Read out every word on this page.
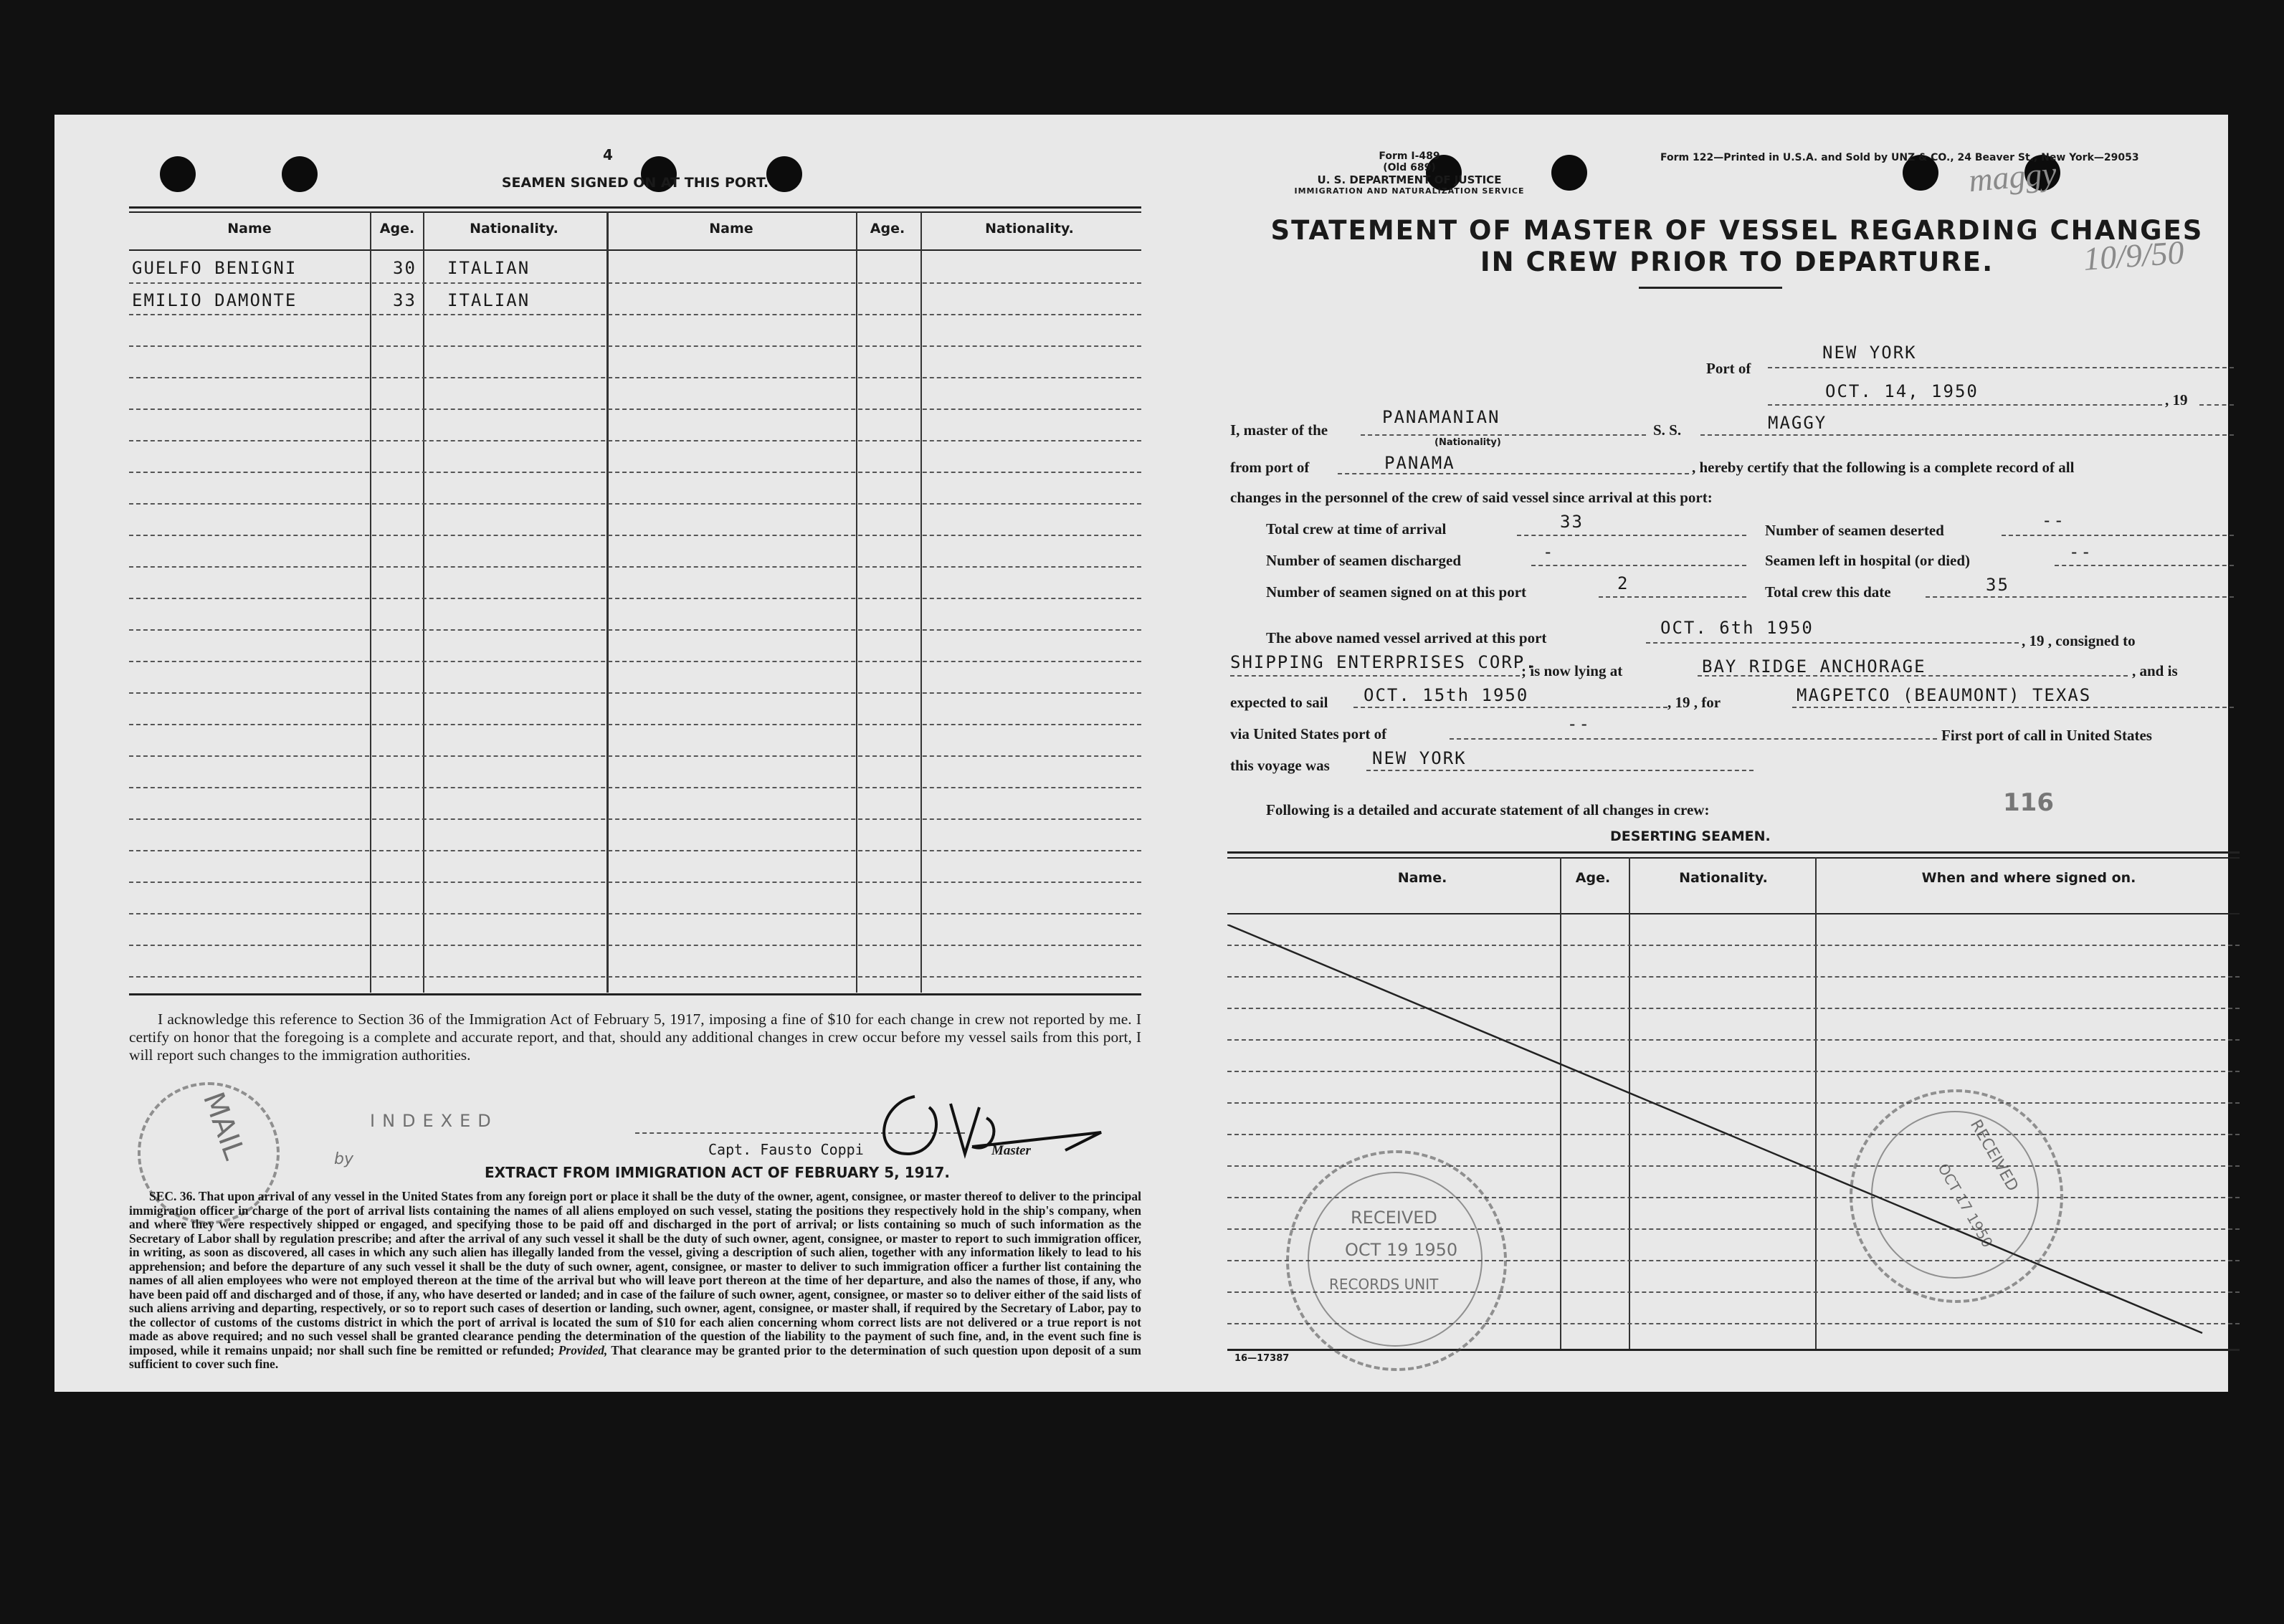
4
SEAMEN SIGNED ON AT THIS PORT.
Name	Age.	Nationality.	Name	Age.	Nationality.
GUELFO BENIGNI	30 ITALIAN
EMILIO DAMONTE	33 ITALIAN
I acknowledge this reference to Section 36 of the Immigration Act of February 5, 1917, imposing a fine of $10 for each change in crew not reported by me. I certify on honor that the foregoing is a complete and accurate report, and that, should any additional changes in crew occur before my vessel sails from this port, I will report such changes to the immigration authorities.
MAIL	INDEXED
by
Capt. Fausto Coppi	Master
EXTRACT FROM IMMIGRATION ACT OF FEBRUARY 5, 1917.
SEC. 36. That upon arrival of any vessel in the United States from any foreign port or place it shall be the duty of the owner, agent, consignee, or master thereof to deliver to the principal immigration officer in charge of the port of arrival lists containing the names of all aliens employed on such vessel, stating the positions they respectively hold in the ship's company, when and where they were respectively shipped or engaged, and specifying those to be paid off and discharged in the port of arrival; or lists containing so much of such information as the Secretary of Labor shall by regulation prescribe; and after the arrival of any such vessel it shall be the duty of such owner, agent, consignee, or master to report to such immigration officer, in writing, as soon as discovered, all cases in which any such alien has illegally landed from the vessel, giving a description of such alien, together with any information likely to lead to his apprehension; and before the departure of any such vessel it shall be the duty of such owner, agent, consignee, or master to deliver to such immigration officer a further list containing the names of all alien employees who were not employed thereon at the time of the arrival but who will leave port thereon at the time of her departure, and also the names of those, if any, who have been paid off and discharged and of those, if any, who have deserted or landed; and in case of the failure of such owner, agent, consignee, or master so to deliver either of the said lists of such aliens arriving and departing, respectively, or so to report such cases of desertion or landing, such owner, agent, consignee, or master shall, if required by the Secretary of Labor, pay to the collector of customs of the customs district in which the port of arrival is located the sum of $10 for each alien concerning whom correct lists are not delivered or a true report is not made as above required; and no such vessel shall be granted clearance pending the determination of the question of the liability to the payment of such fine, and, in the event such fine is imposed, while it remains unpaid; nor shall such fine be remitted or refunded; Provided, That clearance may be granted prior to the determination of such question upon deposit of a sum sufficient to cover such fine.
Form I-489
(Old 689)
U. S. DEPARTMENT OF JUSTICE
IMMIGRATION AND NATURALIZATION SERVICE
Form 122—Printed in U.S.A. and Sold by UNZ & CO., 24 Beaver St., New York—29053
maggy
10/9/50
STATEMENT OF MASTER OF VESSEL REGARDING CHANGES
IN CREW PRIOR TO DEPARTURE.
Port of
NEW YORK
OCT. 14, 1950	, 19
I, master of the
PANAMANIAN
(Nationality)
S. S.	MAGGY
from port of	PANAMA	, hereby certify that the following is a complete record of all
changes in the personnel of the crew of said vessel since arrival at this port:
Total crew at time of arrival	33	Number of seamen deserted	--
Number of seamen discharged	-	Seamen left in hospital (or died)	--
Number of seamen signed on at this port	2	Total crew this date	35
The above named vessel arrived at this port	OCT. 6th 1950
, 19 , consigned to
SHIPPING ENTERPRISES CORP.
; is now lying at	BAY RIDGE ANCHORAGE	, and is
expected to sail OCT. 15th 1950	, 19 , for	MAGPETCO (BEAUMONT) TEXAS
via United States port of	--
First port of call in United States
this voyage was NEW YORK
Following is a detailed and accurate statement of all changes in crew:	116
DESERTING SEAMEN.
Name.	Age.	Nationality.	When and where signed on.
RECEIVED
OCT 19 1950
RECORDS UNIT
RECEIVED
OCT 17 1950
16—17387
